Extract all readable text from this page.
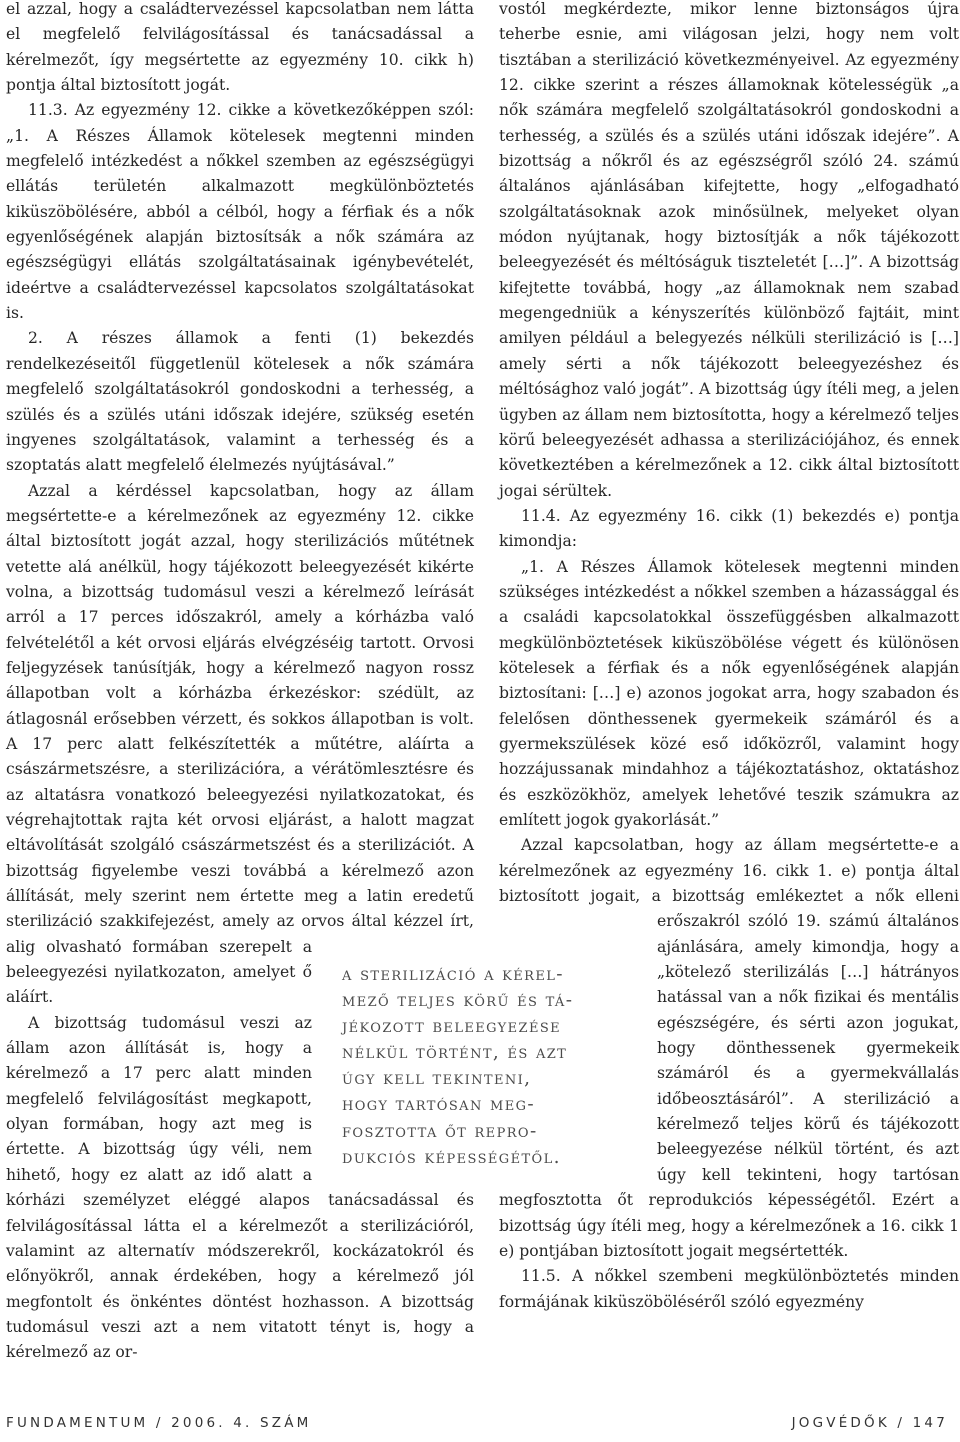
el azzal, hogy a családtervezéssel kapcsolatban nem látta el megfelelő felvilágosítással és tanácsadással a kérelmezőt, így megsértette az egyezmény 10. cikk h) pontja által biztosított jogát.

11.3. Az egyezmény 12. cikke a következőképpen szól: „1. A Részes Államok kötelesek megtenni minden megfelelő intézkedést a nőkkel szemben az egészségügyi ellátás területén alkalmazott megkülönböztetés kiküszöbölésére, abból a célból, hogy a férfiak és a nők egyenlőségének alapján biztosítsák a nők számára az egészségügyi ellátás szolgáltatásainak igénybevételét, ideértve a családtervezéssel kapcsolatos szolgáltatásokat is.

2. A részes államok a fenti (1) bekezdés rendelkezéseitől függetlenül kötelesek a nők számára megfelelő szolgáltatásokról gondoskodni a terhesség, a szülés és a szülés utáni időszak idejére, szükség esetén ingyenes szolgáltatások, valamint a terhesség és a szoptatás alatt megfelelő élelmezés nyújtásával.”

Azzal a kérdéssel kapcsolatban, hogy az állam megsértette-e a kérelmezőnek az egyezmény 12. cikke által biztosított jogát azzal, hogy sterilizációs műtétnek vetette alá anélkül, hogy tájékozott beleegyezését kikérte volna, a bizottság tudomásul veszi a kérelmező leírását arról a 17 perces időszakról, amely a kórházba való felvételétől a két orvosi eljárás elvégzéséig tartott. Orvosi feljegyzések tanúsítják, hogy a kérelmező nagyon rossz állapotban volt a kórházba érkezéskor: szédült, az átlagosnál erősebben vérzett, és sokkos állapotban is volt. A 17 perc alatt felkészítették a műtétre, aláírta a császármetszésre, a sterilizációra, a vérátömlesztésre és az altatásra vonatkozó beleegyezési nyilatkozatokat, és végrehajtottak rajta két orvosi eljárást, a halott magzat eltávolítását szolgáló császármetszést és a sterilizációt. A bizottság figyelembe veszi továbbá a kérelmező azon állítását, mely szerint nem értette meg a latin eredetű sterilizáció szakkifejezést, amely az orvos által kézzel írt, alig olvasható formában szerepelt a beleegyezési nyilatkozaton, amelyet ő aláírt.

A bizottság tudomásul veszi az állam azon állítását is, hogy a kérelmező a 17 perc alatt minden megfelelő felvilágosítást megkapott, olyan formában, hogy azt meg is értette. A bizottság úgy véli, nem hihető, hogy ez alatt az idő alatt a kórházi személyzet eléggé alapos tanácsadással és felvilágosítással látta el a kérelmezőt a sterilizációról, valamint az alternatív módszerekről, kockázatokról és előnyökről, annak érdekében, hogy a kérelmező jól megfontolt és önkéntes döntést hozhasson. A bizottság tudomásul veszi azt a nem vitatott tényt is, hogy a kérelmező az or-

vostól megkérdezte, mikor lenne biztonságos újra teherbe esnie, ami világosan jelzi, hogy nem volt tisztában a sterilizáció következményeivel. Az egyezmény 12. cikke szerint a részes államoknak kötelességük „a nők számára megfelelő szolgáltatásokról gondoskodni a terhesség, a szülés és a szülés utáni időszak idejére”. A bizottság a nőkről és az egészségről szóló 24. számú általános ajánlásában kifejtette, hogy „elfogadható szolgáltatásoknak azok minősülnek, melyeket olyan módon nyújtanak, hogy biztosítják a nők tájékozott beleegyezését és méltóságuk tiszteletét […]”. A bizottság kifejtette továbbá, hogy „az államoknak nem szabad megengedniük a kényszerítés különböző fajtáit, mint amilyen például a belegyezés nélküli sterilizáció is […] amely sérti a nők tájékozott beleegyezéshez és méltósághoz való jogát”. A bizottság úgy ítéli meg, a jelen ügyben az állam nem biztosította, hogy a kérelmező teljes körű beleegyezését adhassa a sterilizációjához, és ennek következtében a kérelmezőnek a 12. cikk által biztosított jogai sérültek.

11.4. Az egyezmény 16. cikk (1) bekezdés e) pontja kimondja:

„1. A Részes Államok kötelesek megtenni minden szükséges intézkedést a nőkkel szemben a házassággal és a családi kapcsolatokkal összefüggésben alkalmazott megkülönböztetések kiküszöbölése végett és különösen kötelesek a férfiak és a nők egyenlőségének alapján biztosítani: […] e) azonos jogokat arra, hogy szabadon és felelősen dönthessenek gyermekeik számáról és a gyermekszülések közé eső időközről, valamint hogy hozzájussanak mindahhoz a tájékoztatáshoz, oktatáshoz és eszközökhöz, amelyek lehetővé teszik számukra az említett jogok gyakorlását.”

Azzal kapcsolatban, hogy az állam megsértette-e a kérelmezőnek az egyezmény 16. cikk 1. e) pontja által biztosított jogait, a bizottság emlékeztet a nők elleni erőszakról szóló 19. számú általános ajánlására, amely kimondja, hogy a „kötelező sterilizálás […] hátrányos hatással van a nők fizikai és mentális egészségére, és sérti azon jogukat, hogy dönthessenek gyermekeik számáról és a gyermekvállalás időbeosztásáról”. A sterilizáció a kérelmező teljes körű és tájékozott beleegyezése nélkül történt, és azt úgy kell tekinteni, hogy tartósan megfosztotta őt reprodukciós képességétől. Ezért a bizottság úgy ítéli meg, hogy a kérelmezőnek a 16. cikk 1 e) pontjában biztosított jogait megsértették.

11.5. A nőkkel szembeni megkülönböztetés minden formájának kiküszöböléséről szóló egyezmény

a sterilizáció a kérel-
mező teljes körű és tá-
jékozott beleegyezése
nélkül történt, és azt
úgy kell tekinteni,
hogy tartósan meg-
fosztotta őt repro-
dukciós képességétől.
FUNDAMENTUM / 2006. 4. SZÁM	JOGVÉDŐK / 147
